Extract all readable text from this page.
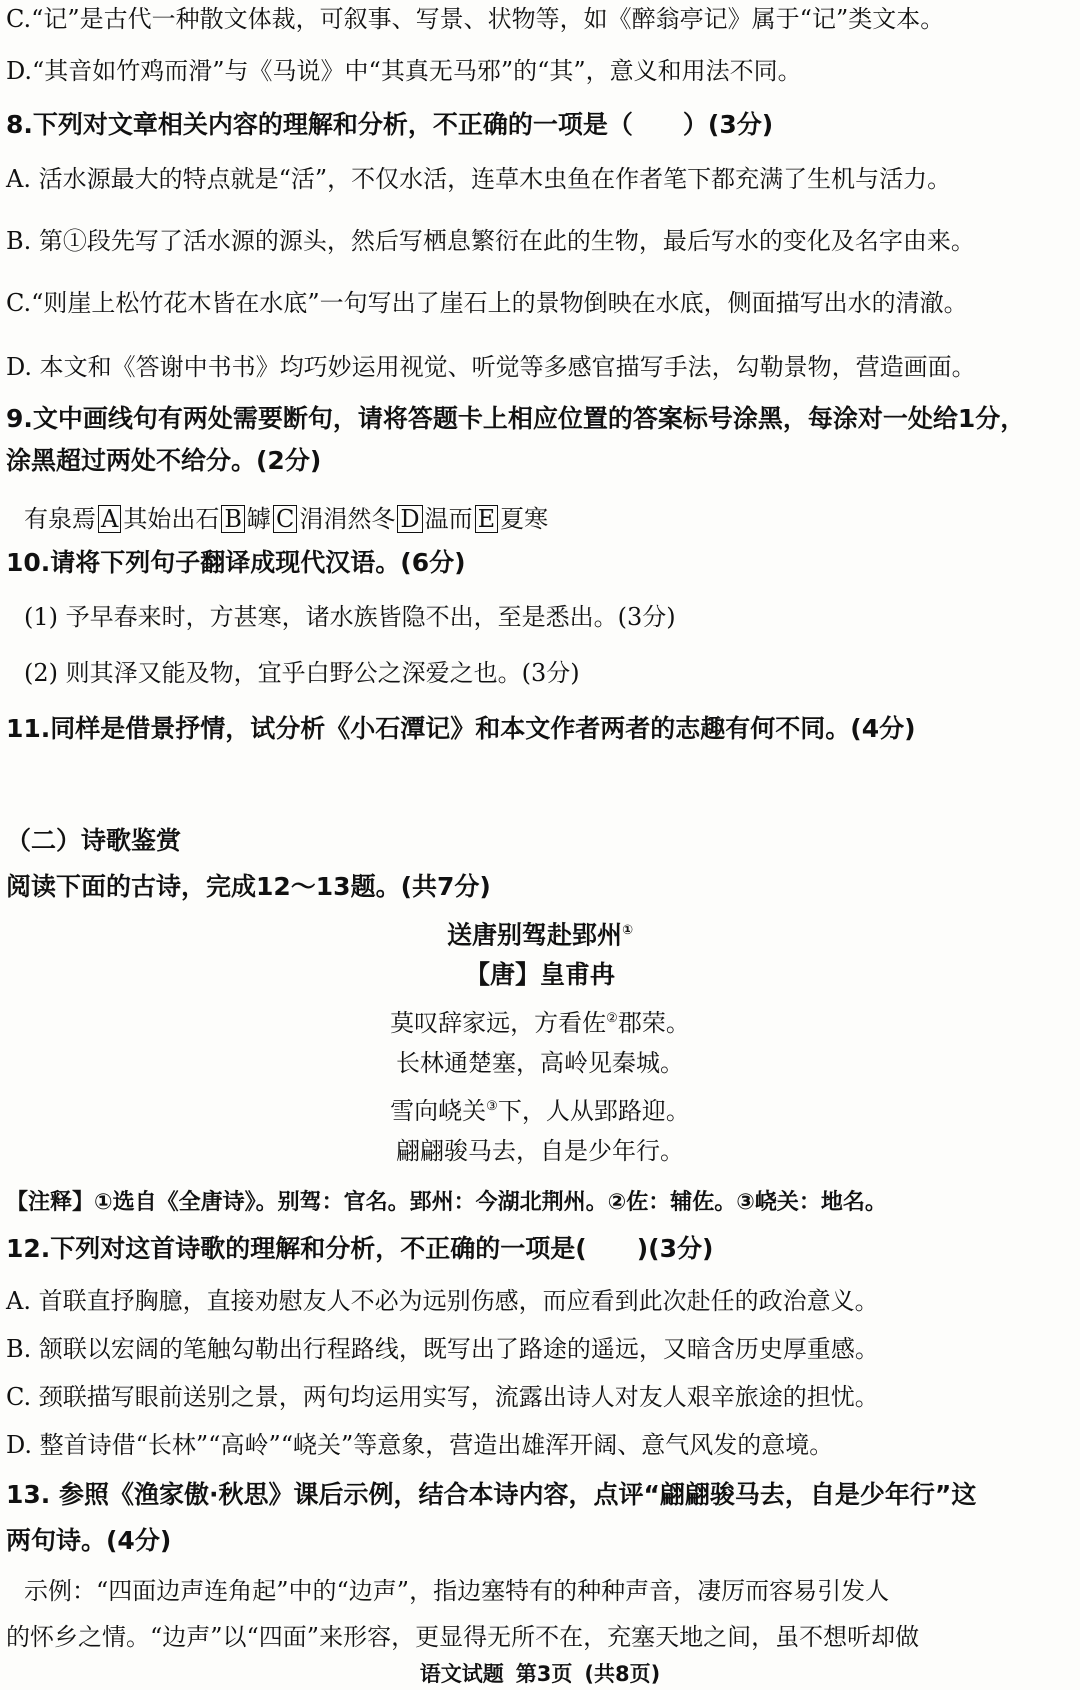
C.“记”是古代一种散文体裁，可叙事、写景、状物等，如《醉翁亭记》属于“记”类文本。
D.“其音如竹鸡而滑”与《马说》中“其真无马邪”的“其”，意义和用法不同。
8.下列对文章相关内容的理解和分析，不正确的一项是（　　）(3分)
A. 活水源最大的特点就是“活”，不仅水活，连草木虫鱼在作者笔下都充满了生机与活力。
B. 第①段先写了活水源的源头，然后写栖息繁衍在此的生物，最后写水的变化及名字由来。
C.“则崖上松竹花木皆在水底”一句写出了崖石上的景物倒映在水底，侧面描写出水的清澈。
D. 本文和《答谢中书书》均巧妙运用视觉、听觉等多感官描写手法，勾勒景物，营造画面。
9.文中画线句有两处需要断句，请将答题卡上相应位置的答案标号涂黑，每涂对一处给1分，
涂黑超过两处不给分。(2分)
有泉焉 A 其始出石 B 罅 C 涓涓然冬 D 温而 E 夏寒
10.请将下列句子翻译成现代汉语。(6分)
(1) 予早春来时，方甚寒，诸水族皆隐不出，至是悉出。(3分)
(2) 则其泽又能及物，宜乎白野公之深爱之也。(3分)
11.同样是借景抒情，试分析《小石潭记》和本文作者两者的志趣有何不同。(4分)
（二）诗歌鉴赏
阅读下面的古诗，完成12～13题。(共7分)
送唐别驾赴郢州①
【唐】皇甫冉
莫叹辞家远，方看佐②郡荣。
长林通楚塞，高岭见秦城。
雪向峣关③下，人从郢路迎。
翩翩骏马去，自是少年行。
【注释】①选自《全唐诗》。别驾：官名。郢州：今湖北荆州。②佐：辅佐。③峣关：地名。
12.下列对这首诗歌的理解和分析，不正确的一项是(　　)(3分)
A. 首联直抒胸臆，直接劝慰友人不必为远别伤感，而应看到此次赴任的政治意义。
B. 颔联以宏阔的笔触勾勒出行程路线，既写出了路途的遥远，又暗含历史厚重感。
C. 颈联描写眼前送别之景，两句均运用实写，流露出诗人对友人艰辛旅途的担忧。
D. 整首诗借“长林”“高岭”“峣关”等意象，营造出雄浑开阔、意气风发的意境。
13. 参照《渔家傲·秋思》课后示例，结合本诗内容，点评“翩翩骏马去，自是少年行”这
两句诗。(4分)
示例：“四面边声连角起”中的“边声”，指边塞特有的种种声音，凄厉而容易引发人
的怀乡之情。“边声”以“四面”来形容，更显得无所不在，充塞天地之间，虽不想听却做
语文试题 第3页 (共8页)
